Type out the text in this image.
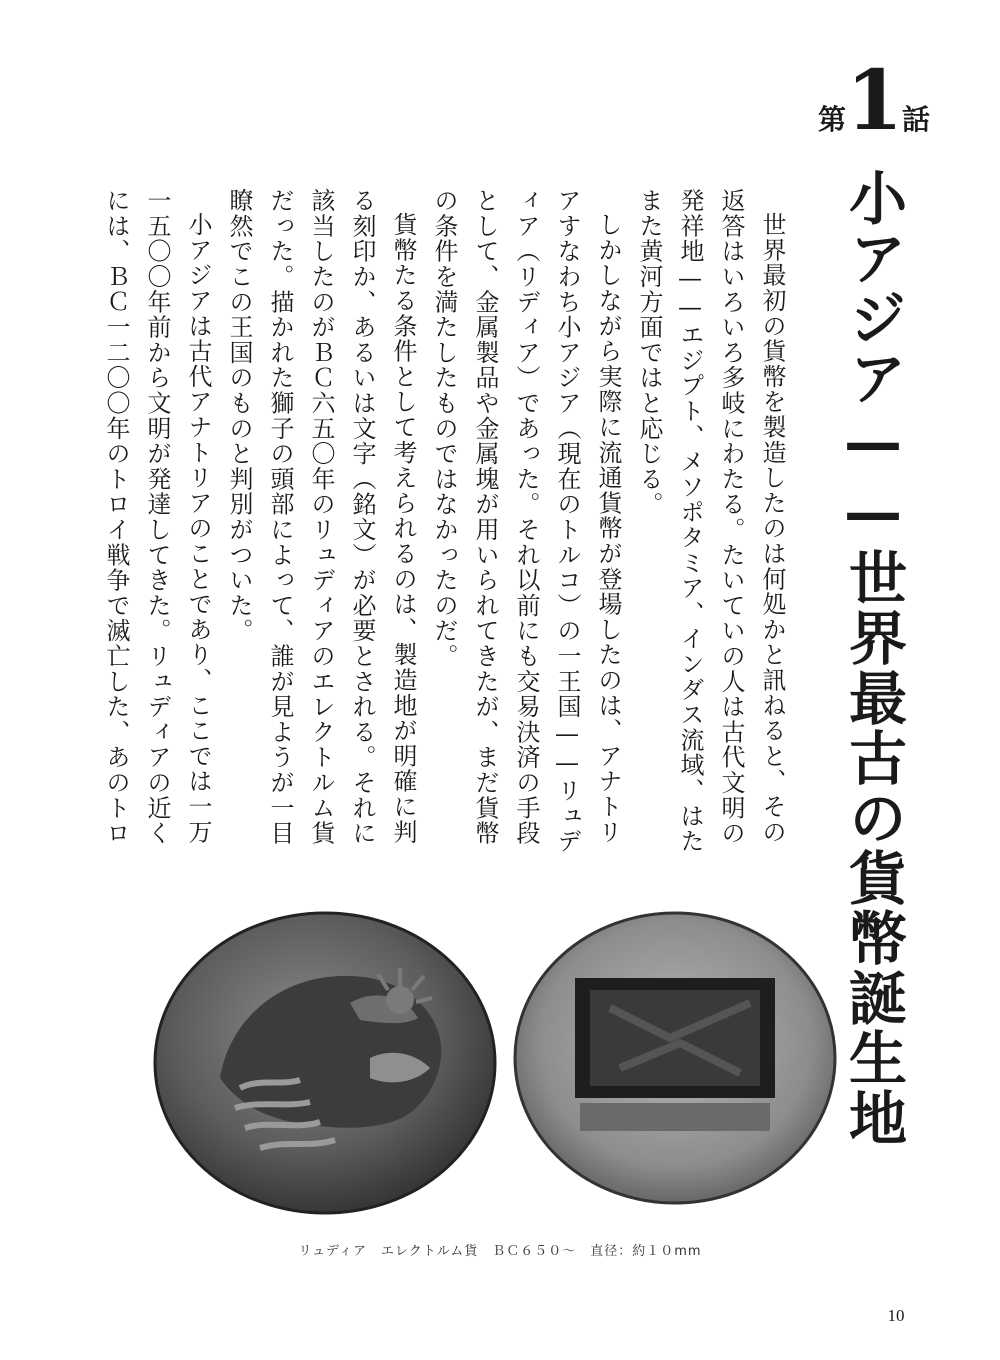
第 1
話
小アジア——世界最古の貨幣誕生地

世界最初の貨幣を製造したのは何処かと訊ねると、その返答はいろいろ多岐にわたる。たいていの人は古代文明の発祥地——エジプト、メソポタミア、インダス流域、はたまた黄河方面ではと応じる。

しかしながら実際に流通貨幣が登場したのは、アナトリアすなわち小アジア（現在のトルコ）の一王国——リュディア（リディア）であった。それ以前にも交易決済の手段として、金属製品や金属塊が用いられてきたが、まだ貨幣の条件を満たしたものではなかったのだ。

貨幣たる条件として考えられるのは、製造地が明確に判る刻印か、あるいは文字（銘文）が必要とされる。それに該当したのがＢＣ六五〇年のリュディアのエレクトルム貨だった。描かれた獅子の頭部によって、誰が見ようが一目瞭然でこの王国のものと判別がついた。

小アジアは古代アナトリアのことであり、ここでは一万一五〇〇年前から文明が発達してきた。リュディアの近くには、ＢＣ一二〇〇年のトロイ戦争で滅亡した、あのトロ

リュディア　エレクトルム貨　ＢＣ６５０〜　直径：約１０mm
10
